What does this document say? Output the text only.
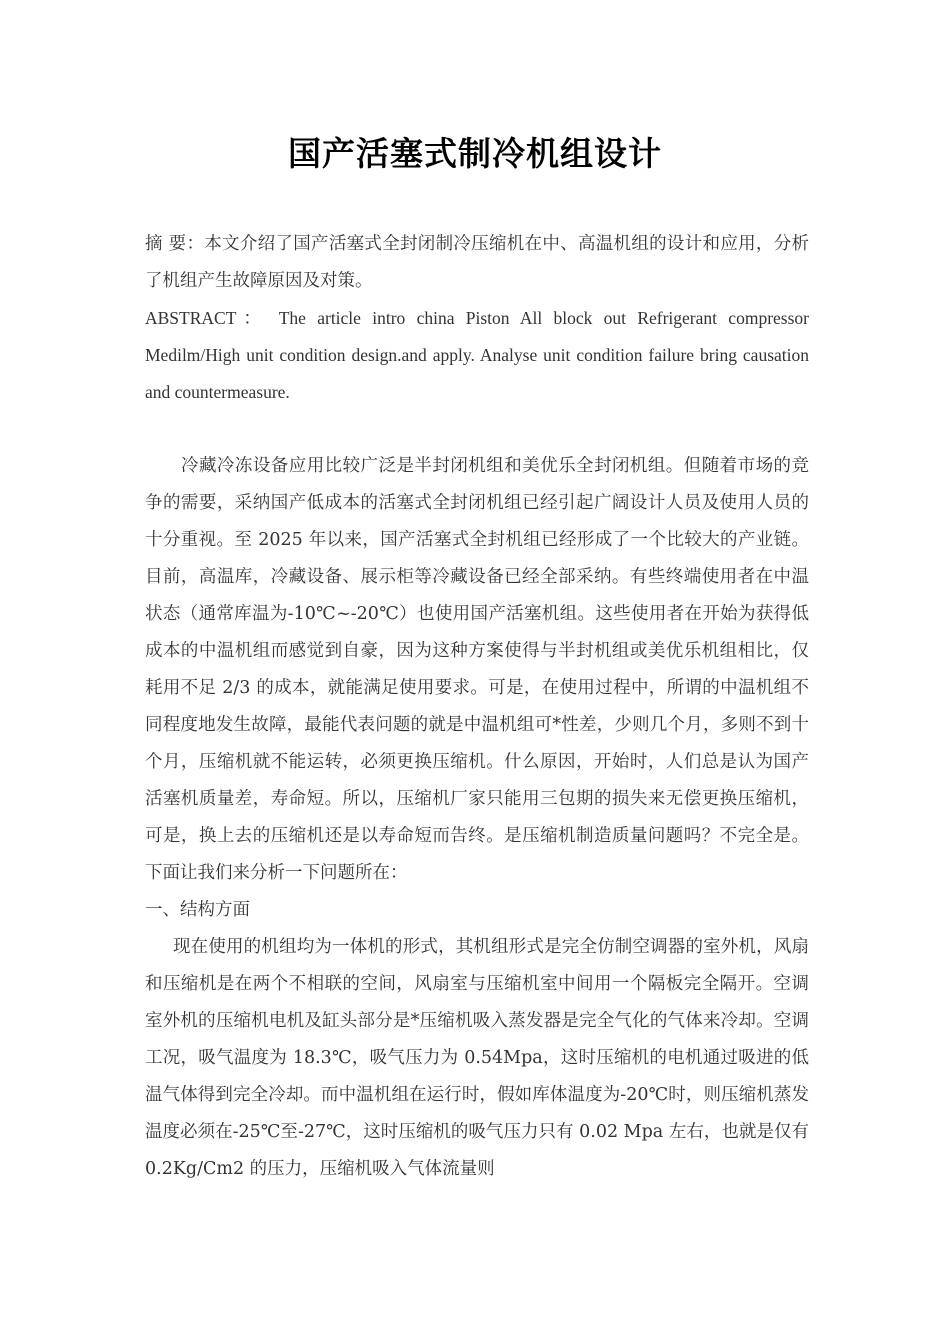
国产活塞式制冷机组设计

摘 要：本文介绍了国产活塞式全封闭制冷压缩机在中、高温机组的设计和应用，分析了机组产生故障原因及对策。

ABSTRACT： The article intro china Piston All block out Refrigerant compressor Medilm/High unit condition design.and apply. Analyse unit condition failure bring causation and countermeasure.

冷藏冷冻设备应用比较广泛是半封闭机组和美优乐全封闭机组。但随着市场的竞争的需要，采纳国产低成本的活塞式全封闭机组已经引起广阔设计人员及使用人员的十分重视。至 2025 年以来，国产活塞式全封机组已经形成了一个比较大的产业链。目前，高温库，冷藏设备、展示柜等冷藏设备已经全部采纳。有些终端使用者在中温状态（通常库温为-10℃~-20℃）也使用国产活塞机组。这些使用者在开始为获得低成本的中温机组而感觉到自豪，因为这种方案使得与半封机组或美优乐机组相比，仅耗用不足 2/3 的成本，就能满足使用要求。可是，在使用过程中，所谓的中温机组不同程度地发生故障，最能代表问题的就是中温机组可*性差，少则几个月，多则不到十个月，压缩机就不能运转，必须更换压缩机。什么原因，开始时，人们总是认为国产活塞机质量差，寿命短。所以，压缩机厂家只能用三包期的损失来无偿更换压缩机，可是，换上去的压缩机还是以寿命短而告终。是压缩机制造质量问题吗？不完全是。下面让我们来分析一下问题所在：

一、结构方面

现在使用的机组均为一体机的形式，其机组形式是完全仿制空调器的室外机，风扇和压缩机是在两个不相联的空间，风扇室与压缩机室中间用一个隔板完全隔开。空调室外机的压缩机电机及缸头部分是*压缩机吸入蒸发器是完全气化的气体来冷却。空调工况，吸气温度为 18.3℃，吸气压力为 0.54Mpa，这时压缩机的电机通过吸进的低温气体得到完全冷却。而中温机组在运行时，假如库体温度为-20℃时，则压缩机蒸发温度必须在-25℃至-27℃，这时压缩机的吸气压力只有 0.02 Mpa 左右，也就是仅有 0.2Kg/Cm2 的压力，压缩机吸入气体流量则
